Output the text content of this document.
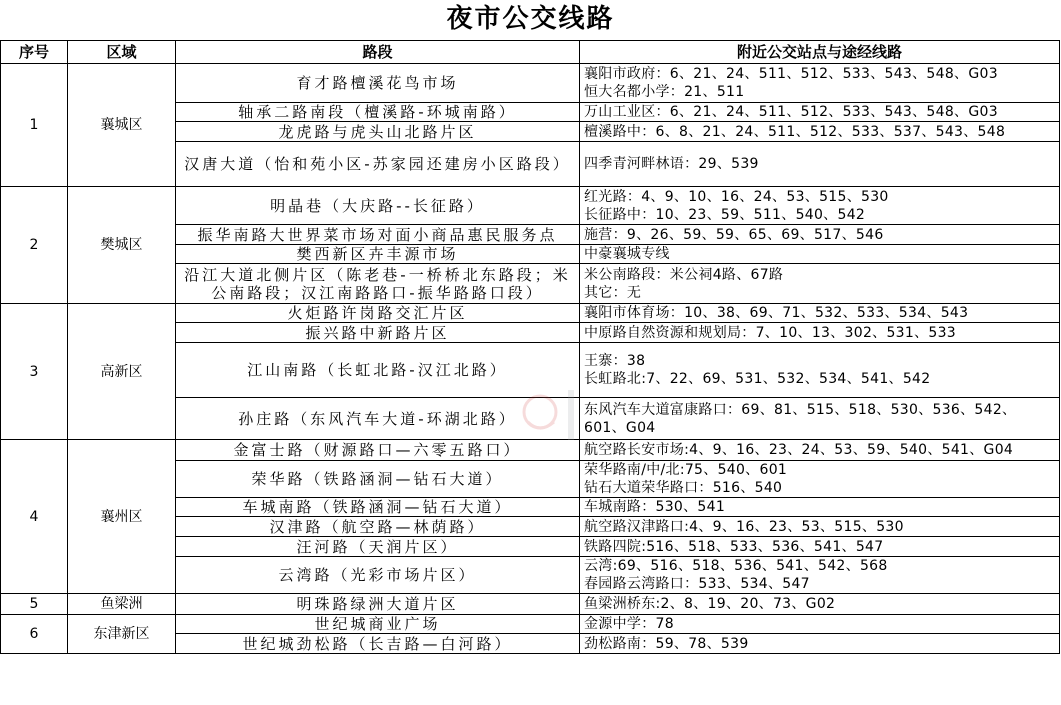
夜市公交线路
序号	区域	路段	附近公交站点与途经线路
1	襄城区	育才路檀溪花鸟市场	襄阳市政府：6、21、24、511、512、533、543、548、G03
恒大名都小学：21、511

		轴承二路南段（檀溪路-环城南路）	万山工业区：6、21、24、511、512、533、543、548、G03

		龙虎路与虎头山北路片区	檀溪路中：6、8、21、24、511、512、533、537、543、548

		汉唐大道（怡和苑小区-苏家园还建房小区路段）	四季青河畔林语：29、539

2	樊城区	明晶巷（大庆路--长征路）	红光路：4、9、10、16、24、53、515、530
长征路中：10、23、59、511、540、542

		振华南路大世界菜市场对面小商品惠民服务点	施营：9、26、59、59、65、69、517、546

		樊西新区卉丰源市场	中豪襄城专线

		沿江大道北侧片区（陈老巷-一桥桥北东路段；米公南路段；汉江南路路口-振华路路口段）	米公南路段：米公祠4路、67路
其它：无

3	高新区	火炬路许岗路交汇片区	襄阳市体育场：10、38、69、71、532、533、534、543

		振兴路中新路片区	中原路自然资源和规划局：7、10、13、302、531、533

		江山南路（长虹北路-汉江北路）	王寨：38
长虹路北:7、22、69、531、532、534、541、542

		孙庄路（东风汽车大道-环湖北路）	东风汽车大道富康路口：69、81、515、518、530、536、542、
601、G04

4	襄州区	金富士路（财源路口—六零五路口）	航空路长安市场:4、9、16、23、24、53、59、540、541、G04

		荣华路（铁路涵洞—钻石大道）	荣华路南/中/北:75、540、601
钻石大道荣华路口：516、540

		车城南路（铁路涵洞—钻石大道）	车城南路：530、541

		汉津路（航空路—林荫路）	航空路汉津路口:4、9、16、23、53、515、530

		汪河路（天润片区）	铁路四院:516、518、533、536、541、547

		云湾路（光彩市场片区）	云湾:69、516、518、536、541、542、568
春园路云湾路口：533、534、547

5	鱼梁洲	明珠路绿洲大道片区	鱼梁洲桥东:2、8、19、20、73、G02

6	东津新区	世纪城商业广场	金源中学：78

		世纪城劲松路（长吉路—白河路）	劲松路南：59、78、539
